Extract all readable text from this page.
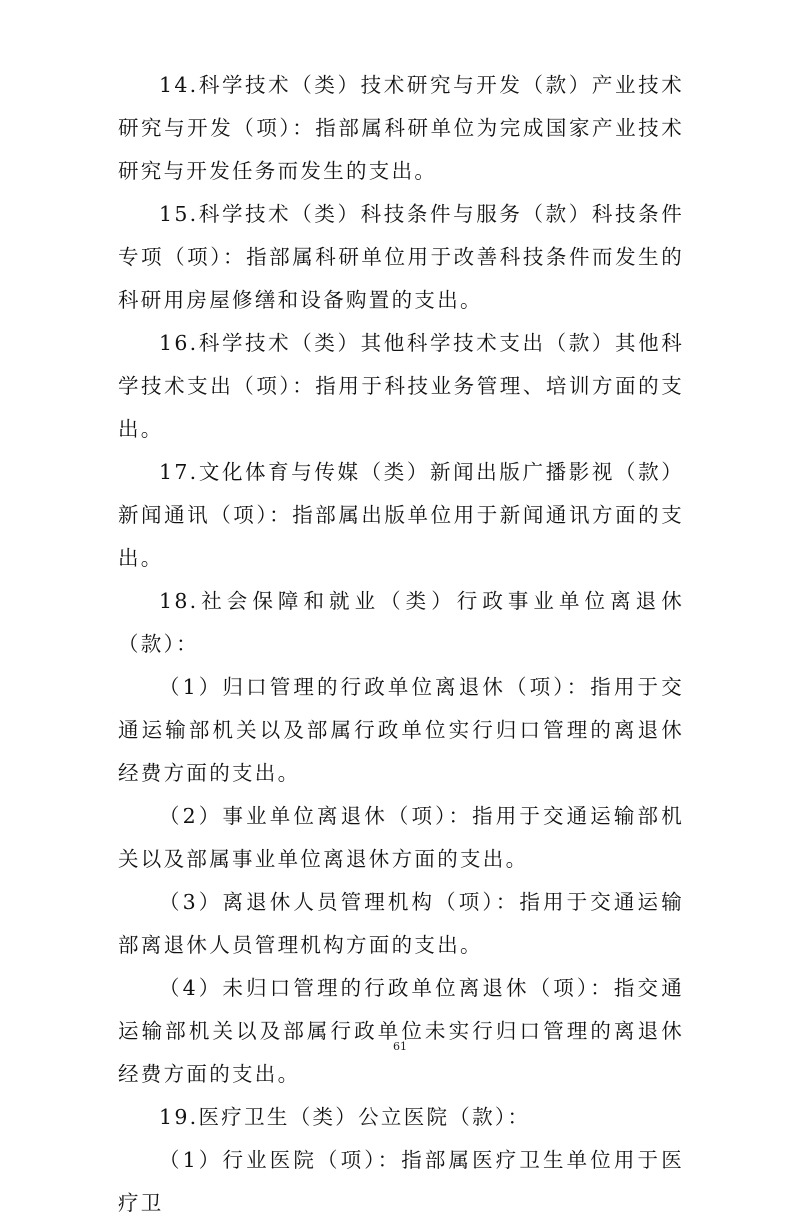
14.科学技术（类）技术研究与开发（款）产业技术研究与开发（项）：指部属科研单位为完成国家产业技术研究与开发任务而发生的支出。

15.科学技术（类）科技条件与服务（款）科技条件专项（项）：指部属科研单位用于改善科技条件而发生的科研用房屋修缮和设备购置的支出。

16.科学技术（类）其他科学技术支出（款）其他科学技术支出（项）：指用于科技业务管理、培训方面的支出。

17.文化体育与传媒（类）新闻出版广播影视（款）新闻通讯（项）：指部属出版单位用于新闻通讯方面的支出。

18.社会保障和就业（类）行政事业单位离退休（款）：

（1）归口管理的行政单位离退休（项）：指用于交通运输部机关以及部属行政单位实行归口管理的离退休经费方面的支出。

（2）事业单位离退休（项）：指用于交通运输部机关以及部属事业单位离退休方面的支出。

（3）离退休人员管理机构（项）：指用于交通运输部离退休人员管理机构方面的支出。

（4）未归口管理的行政单位离退休（项）：指交通运输部机关以及部属行政单位未实行归口管理的离退休经费方面的支出。

19.医疗卫生（类）公立医院（款）：

（1）行业医院（项）：指部属医疗卫生单位用于医疗卫

61
